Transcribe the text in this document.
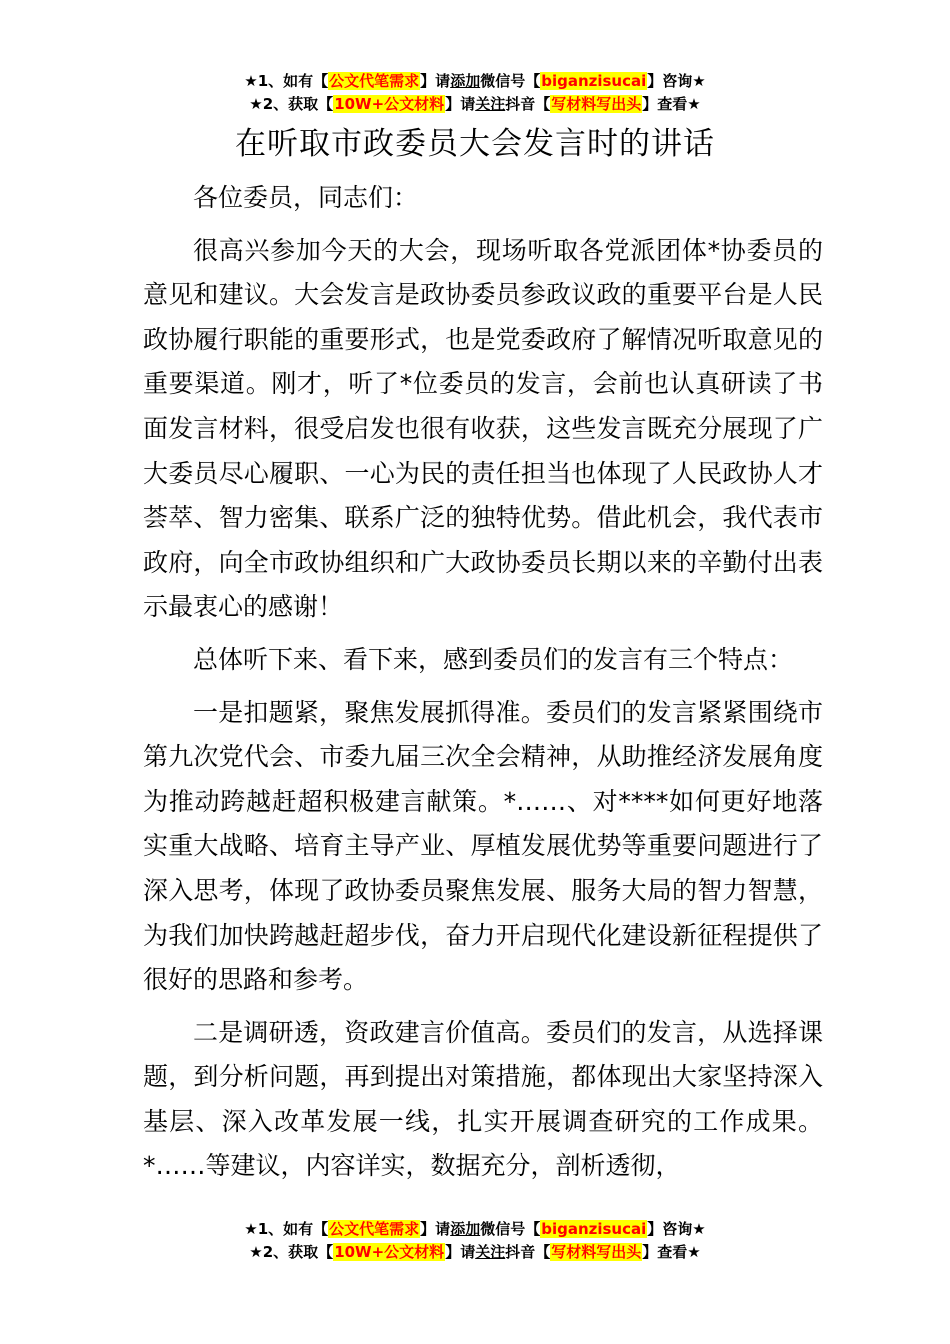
★1、如有【公文代笔需求】请添加微信号【biganzisucai】咨询★
★2、获取【10W+公文材料】请关注抖音【写材料写出头】查看★
在听取市政委员大会发言时的讲话

各位委员，同志们：

很高兴参加今天的大会，现场听取各党派团体*协委员的意见和建议。大会发言是政协委员参政议政的重要平台是人民政协履行职能的重要形式，也是党委政府了解情况听取意见的重要渠道。刚才，听了*位委员的发言，会前也认真研读了书面发言材料，很受启发也很有收获，这些发言既充分展现了广大委员尽心履职、一心为民的责任担当也体现了人民政协人才荟萃、智力密集、联系广泛的独特优势。借此机会，我代表市政府，向全市政协组织和广大政协委员长期以来的辛勤付出表示最衷心的感谢！

总体听下来、看下来，感到委员们的发言有三个特点：

一是扣题紧，聚焦发展抓得准。委员们的发言紧紧围绕市第九次党代会、市委九届三次全会精神，从助推经济发展角度为推动跨越赶超积极建言献策。*……、对****如何更好地落实重大战略、培育主导产业、厚植发展优势等重要问题进行了深入思考，体现了政协委员聚焦发展、服务大局的智力智慧，为我们加快跨越赶超步伐，奋力开启现代化建设新征程提供了很好的思路和参考。

二是调研透，资政建言价值高。委员们的发言，从选择课题，到分析问题，再到提出对策措施，都体现出大家坚持深入基层、深入改革发展一线，扎实开展调查研究的工作成果。*……等建议，内容详实，数据充分，剖析透彻，

★1、如有【公文代笔需求】请添加微信号【biganzisucai】咨询★
★2、获取【10W+公文材料】请关注抖音【写材料写出头】查看★
